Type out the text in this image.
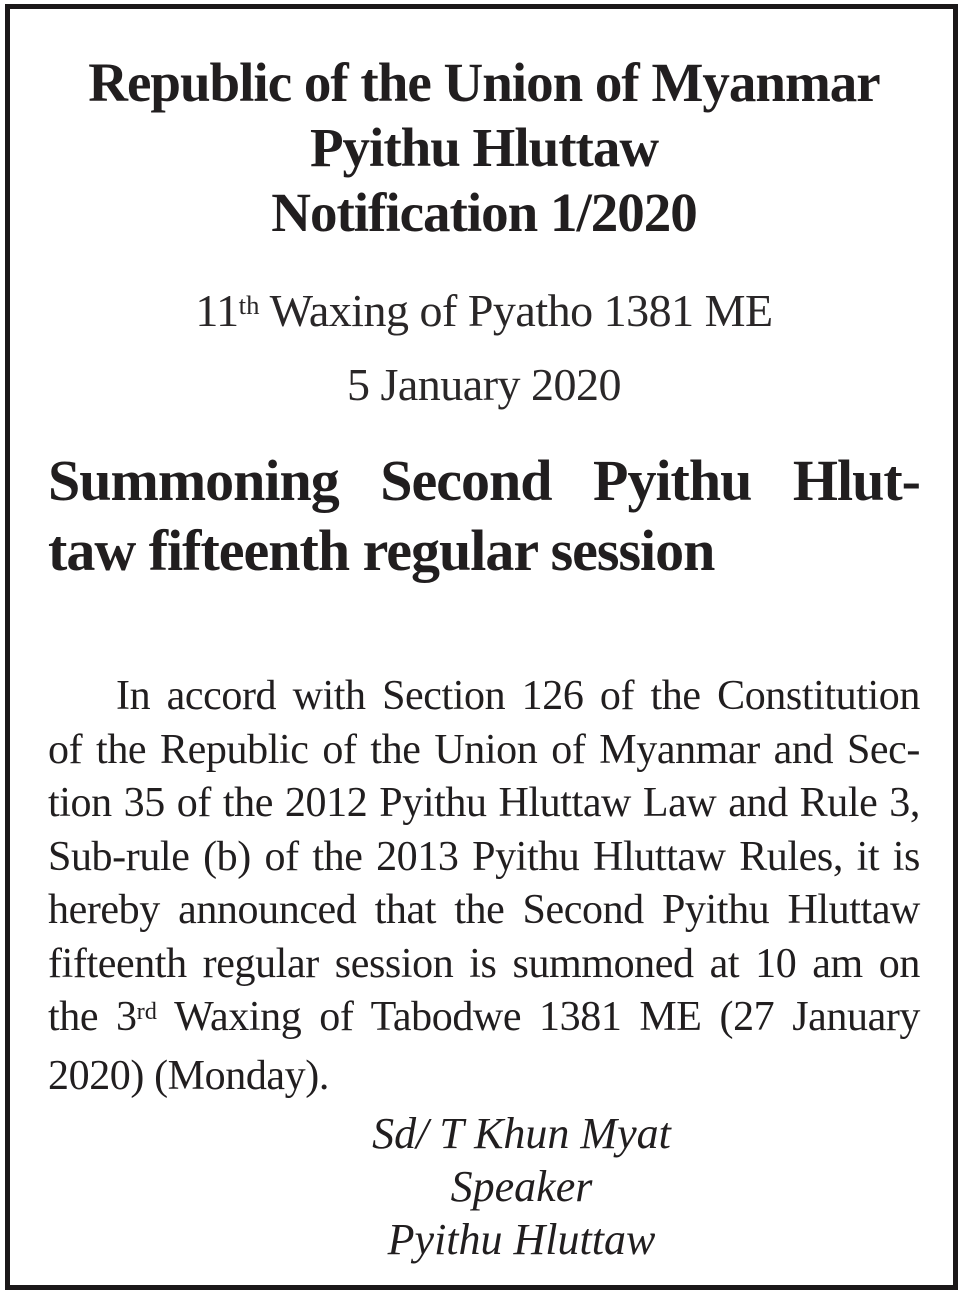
Republic of the Union of Myanmar
Pyithu Hluttaw
Notification 1/2020
11th Waxing of Pyatho 1381 ME
5 January 2020
Summoning Second Pyithu Hlut-
taw fifteenth regular session
In accord with Section 126 of the Constitution
of the Republic of the Union of Myanmar and Sec-
tion 35 of the 2012 Pyithu Hluttaw Law and Rule 3,
Sub-rule (b) of the 2013 Pyithu Hluttaw Rules, it is
hereby announced that the Second Pyithu Hluttaw
fifteenth regular session is summoned at 10 am on
the 3rd Waxing of Tabodwe 1381 ME (27 January
2020) (Monday).
Sd/ T Khun Myat
Speaker
Pyithu Hluttaw
